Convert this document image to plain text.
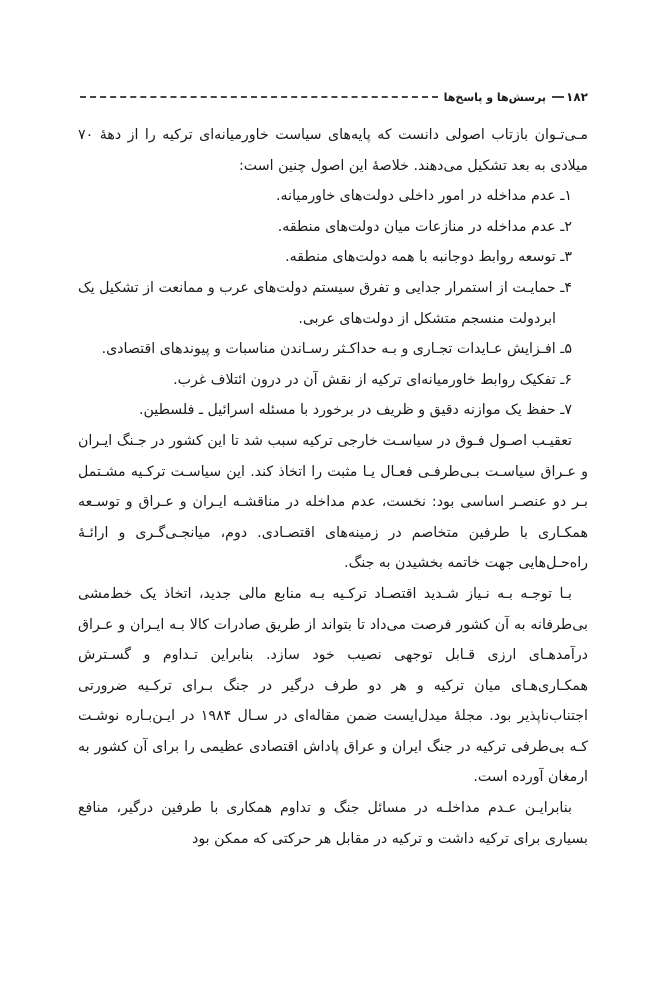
۱۸۲
پرسش‌ها و پاسخ‌ها

مـی‌تـوان بازتاب اصولی دانست که پایه‌های سیاست خاورمیانه‌ای ترکیه را از دهۀ ۷۰ میلادی به بعد تشکیل می‌دهند. خلاصۀ این اصول چنین است:

۱ـ عدم مداخله در امور داخلی دولت‌های خاورمیانه.

۲ـ عدم مداخله در منازعات میان دولت‌های منطقه.

۳ـ توسعه روابط دوجانبه با همه دولت‌های منطقه.

۴ـ حمایـت از استمرار جدایی و تفرق سیستم دولت‌های عرب و ممانعت از تشکیل یک ابردولت منسجم متشکل از دولت‌های عربی.

۵ـ افـزایش عـایدات تجـاری و بـه حداکـثر رسـاندن مناسبات و پیوندهای اقتصادی.

۶ـ تفکیک روابط خاورمیانه‌ای ترکیه از نقش آن در درون ائتلاف غرب.

۷ـ حفظ یک موازنه دقیق و ظریف در برخورد با مسئله اسرائیل ـ فلسطین.

تعقیـب اصـول فـوق در سیاسـت خارجی ترکیه سبب شد تا این کشور در جـنگ ایـران و عـراق سیاسـت بـی‌طرفـی فعـال یـا مثبت را اتخاذ کند. این سیاسـت ترکـیه مشـتمل بـر دو عنصـر اساسی بود: نخست، عدم مداخله در مناقشـه ایـران و عـراق و توسـعه همکـاری با طرفین متخاصم در زمینه‌های اقتصـادی. دوم، میانجـی‌گـری و ارائـۀ راه‌حـل‌هایی جهت خاتمه بخشیدن به جنگ.

بـا توجـه بـه نـیاز شـدید اقتصـاد ترکـیه بـه منابع مالی جدید، اتخاذ یک خط‌مشی بی‌طرفانه به آن کشور فرصت می‌داد تا بتواند از طریق صادرات کالا بـه ایـران و عـراق درآمدهـای ارزی قـابل توجهی نصیب خود سازد. بنابراین تـداوم و گسـترش همکـاری‌هـای میان ترکیه و هر دو طرف درگیر در جنگ بـرای ترکـیه ضرورتی اجتناب‌ناپذیر بود. مجلۀ میدل‌ایست ضمن مقاله‌ای در سـال ۱۹۸۴ در ایـن‌بـاره نوشـت کـه بی‌طرفی ترکیه در جنگ ایران و عراق پاداش اقتصادی عظیمی را برای آن کشور به ارمغان آورده است.

بنابرایـن عـدم مداخلـه در مسائل جنگ و تداوم همکاری با طرفین درگیر، منافع بسیاری برای ترکیه داشت و ترکیه در مقابل هر حرکتی که ممکن بود
